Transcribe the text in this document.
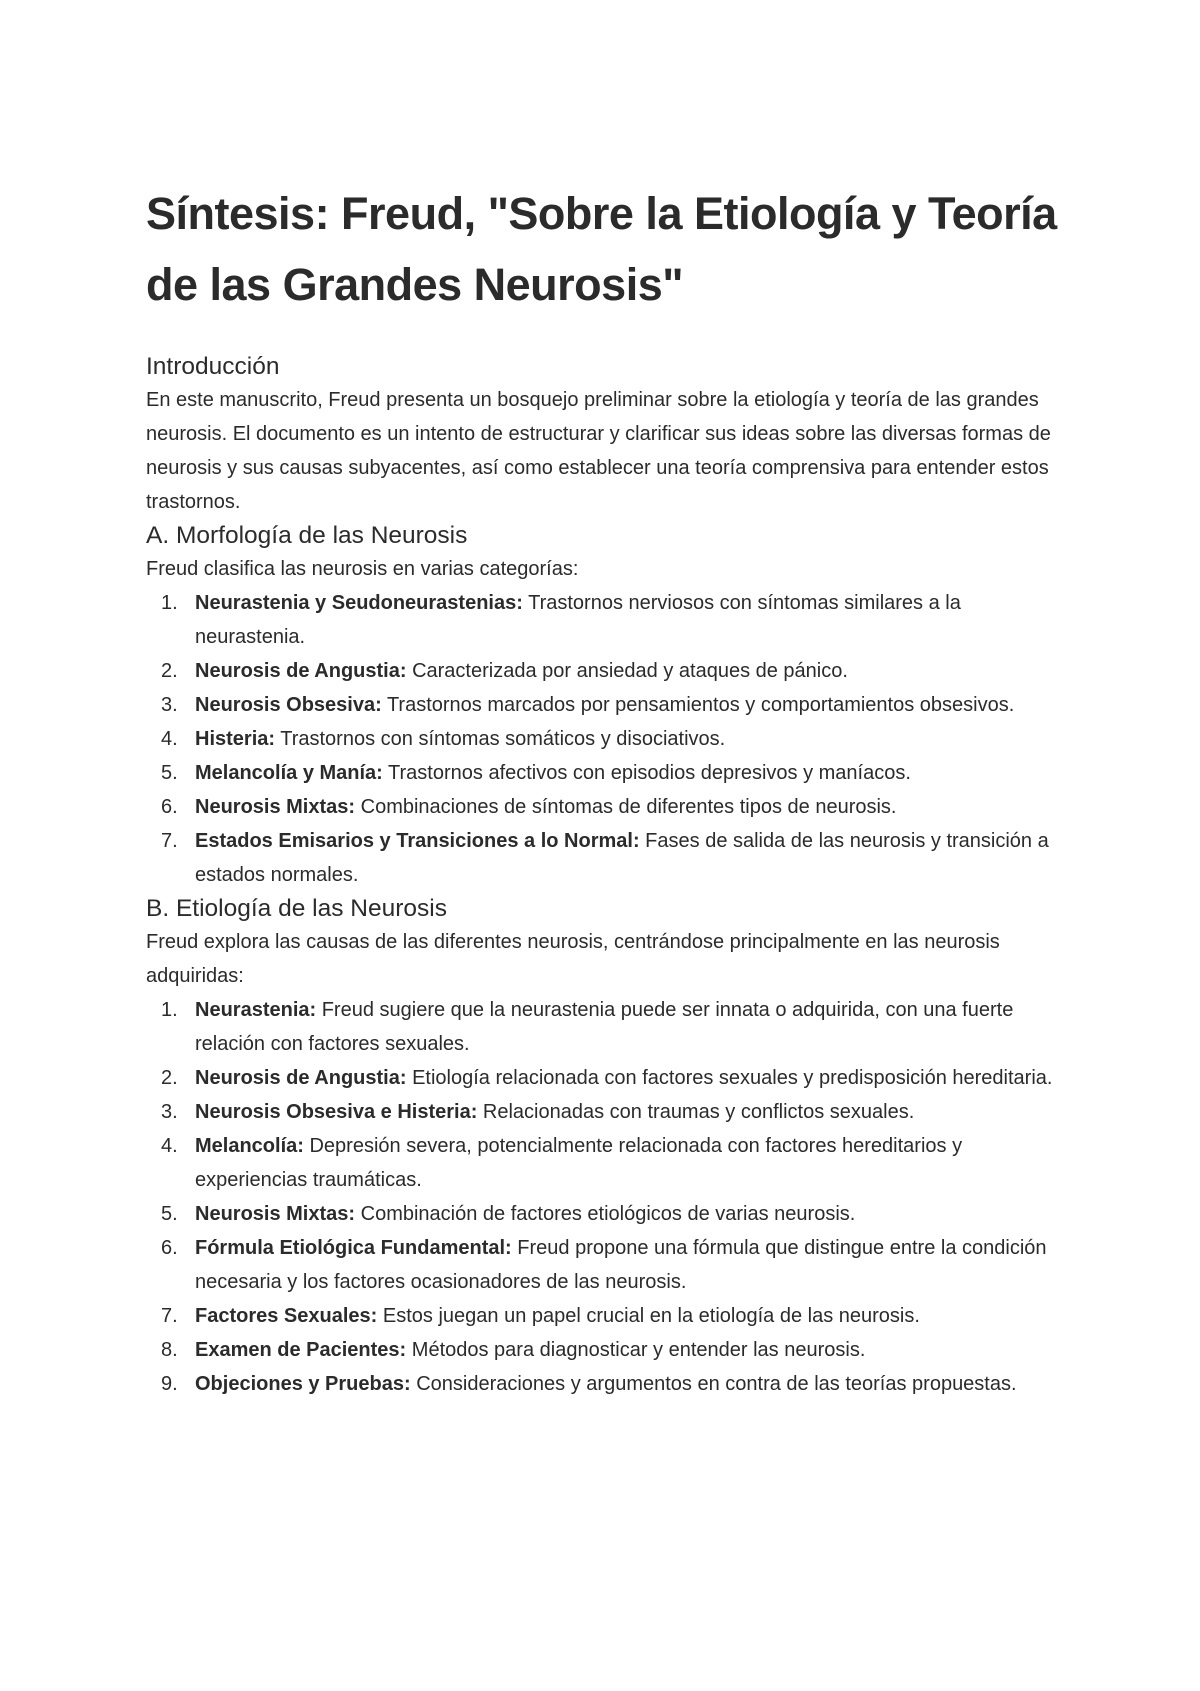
Síntesis: Freud, "Sobre la Etiología y Teoría de las Grandes Neurosis"
Introducción

En este manuscrito, Freud presenta un bosquejo preliminar sobre la etiología y teoría de las grandes neurosis. El documento es un intento de estructurar y clarificar sus ideas sobre las diversas formas de neurosis y sus causas subyacentes, así como establecer una teoría comprensiva para entender estos trastornos.

A. Morfología de las Neurosis

Freud clasifica las neurosis en varias categorías:

1. Neurastenia y Seudoneurastenias: Trastornos nerviosos con síntomas similares a la neurastenia.
2. Neurosis de Angustia: Caracterizada por ansiedad y ataques de pánico.
3. Neurosis Obsesiva: Trastornos marcados por pensamientos y comportamientos obsesivos.
4. Histeria: Trastornos con síntomas somáticos y disociativos.
5. Melancolía y Manía: Trastornos afectivos con episodios depresivos y maníacos.
6. Neurosis Mixtas: Combinaciones de síntomas de diferentes tipos de neurosis.
7. Estados Emisarios y Transiciones a lo Normal: Fases de salida de las neurosis y transición a estados normales.
B. Etiología de las Neurosis

Freud explora las causas de las diferentes neurosis, centrándose principalmente en las neurosis adquiridas:

1. Neurastenia: Freud sugiere que la neurastenia puede ser innata o adquirida, con una fuerte relación con factores sexuales.
2. Neurosis de Angustia: Etiología relacionada con factores sexuales y predisposición hereditaria.
3. Neurosis Obsesiva e Histeria: Relacionadas con traumas y conflictos sexuales.
4. Melancolía: Depresión severa, potencialmente relacionada con factores hereditarios y experiencias traumáticas.
5. Neurosis Mixtas: Combinación de factores etiológicos de varias neurosis.
6. Fórmula Etiológica Fundamental: Freud propone una fórmula que distingue entre la condición necesaria y los factores ocasionadores de las neurosis.
7. Factores Sexuales: Estos juegan un papel crucial en la etiología de las neurosis.
8. Examen de Pacientes: Métodos para diagnosticar y entender las neurosis.
9. Objeciones y Pruebas: Consideraciones y argumentos en contra de las teorías propuestas.
